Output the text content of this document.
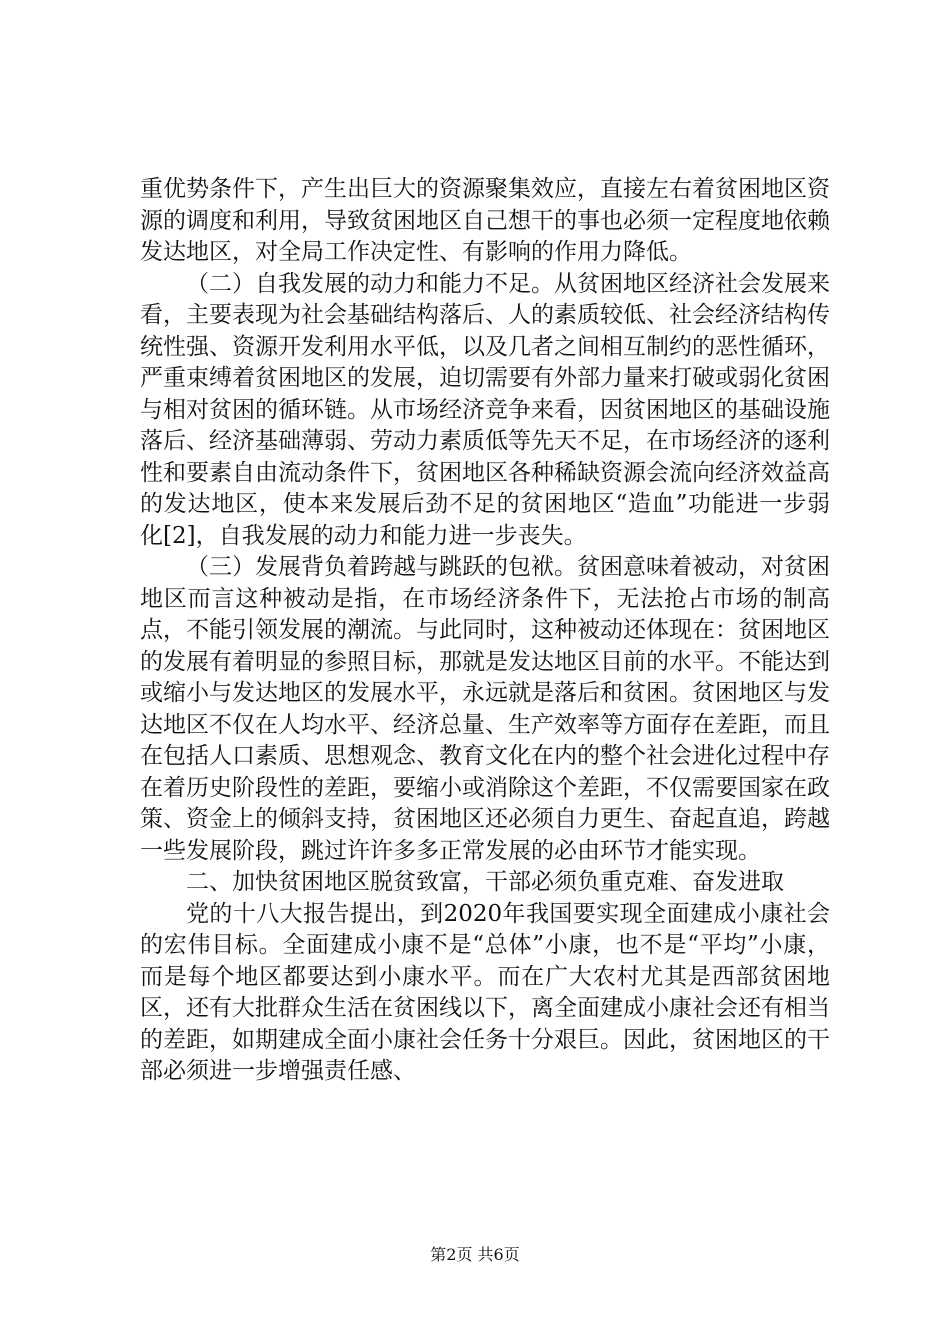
重优势条件下，产生出巨大的资源聚集效应，直接左右着贫困地区资源的调度和利用，导致贫困地区自己想干的事也必须一定程度地依赖发达地区，对全局工作决定性、有影响的作用力降低。

（二）自我发展的动力和能力不足。从贫困地区经济社会发展来看，主要表现为社会基础结构落后、人的素质较低、社会经济结构传统性强、资源开发利用水平低，以及几者之间相互制约的恶性循环，严重束缚着贫困地区的发展，迫切需要有外部力量来打破或弱化贫困与相对贫困的循环链。从市场经济竞争来看，因贫困地区的基础设施落后、经济基础薄弱、劳动力素质低等先天不足，在市场经济的逐利性和要素自由流动条件下，贫困地区各种稀缺资源会流向经济效益高的发达地区，使本来发展后劲不足的贫困地区“造血”功能进一步弱化[2]，自我发展的动力和能力进一步丧失。

（三）发展背负着跨越与跳跃的包袱。贫困意味着被动，对贫困地区而言这种被动是指，在市场经济条件下，无法抢占市场的制高点，不能引领发展的潮流。与此同时，这种被动还体现在：贫困地区的发展有着明显的参照目标，那就是发达地区目前的水平。不能达到或缩小与发达地区的发展水平，永远就是落后和贫困。贫困地区与发达地区不仅在人均水平、经济总量、生产效率等方面存在差距，而且在包括人口素质、思想观念、教育文化在内的整个社会进化过程中存在着历史阶段性的差距，要缩小或消除这个差距，不仅需要国家在政策、资金上的倾斜支持，贫困地区还必须自力更生、奋起直追，跨越一些发展阶段，跳过许许多多正常发展的必由环节才能实现。

二、加快贫困地区脱贫致富，干部必须负重克难、奋发进取

党的十八大报告提出，到2020年我国要实现全面建成小康社会的宏伟目标。全面建成小康不是“总体”小康，也不是“平均”小康，而是每个地区都要达到小康水平。而在广大农村尤其是西部贫困地区，还有大批群众生活在贫困线以下，离全面建成小康社会还有相当的差距，如期建成全面小康社会任务十分艰巨。因此，贫困地区的干部必须进一步增强责任感、

第2页 共6页
